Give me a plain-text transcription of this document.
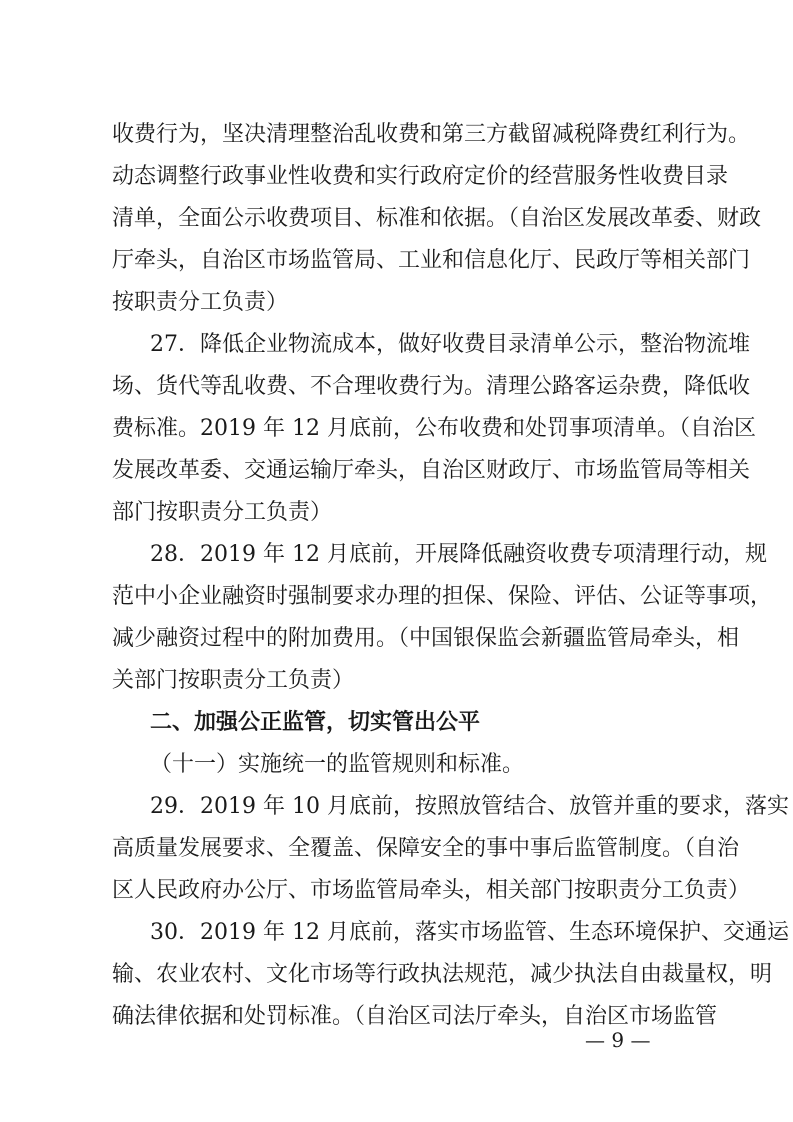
收费行为，坚决清理整治乱收费和第三方截留减税降费红利行为。
动态调整行政事业性收费和实行政府定价的经营服务性收费目录
清单，全面公示收费项目、标准和依据。（自治区发展改革委、财政
厅牵头，自治区市场监管局、工业和信息化厅、民政厅等相关部门
按职责分工负责）
27．降低企业物流成本，做好收费目录清单公示，整治物流堆
场、货代等乱收费、不合理收费行为。清理公路客运杂费，降低收
费标准。2019 年 12 月底前，公布收费和处罚事项清单。（自治区
发展改革委、交通运输厅牵头，自治区财政厅、市场监管局等相关
部门按职责分工负责）
28．2019 年 12 月底前，开展降低融资收费专项清理行动，规
范中小企业融资时强制要求办理的担保、保险、评估、公证等事项，
减少融资过程中的附加费用。（中国银保监会新疆监管局牵头，相
关部门按职责分工负责）
二、加强公正监管，切实管出公平
（十一）实施统一的监管规则和标准。
29．2019 年 10 月底前，按照放管结合、放管并重的要求，落实
高质量发展要求、全覆盖、保障安全的事中事后监管制度。（自治
区人民政府办公厅、市场监管局牵头，相关部门按职责分工负责）
30．2019 年 12 月底前，落实市场监管、生态环境保护、交通运
输、农业农村、文化市场等行政执法规范，减少执法自由裁量权，明
确法律依据和处罚标准。（自治区司法厅牵头，自治区市场监管
— 9 —
